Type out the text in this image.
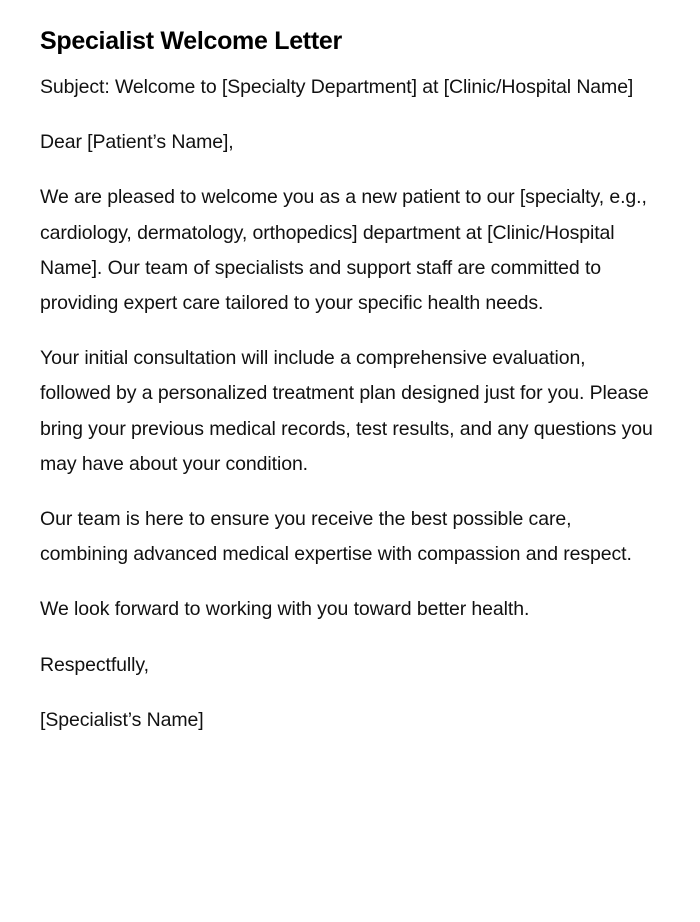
Specialist Welcome Letter

Subject: Welcome to [Specialty Department] at [Clinic/Hospital Name]

Dear [Patient’s Name],

We are pleased to welcome you as a new patient to our [specialty, e.g., cardiology, dermatology, orthopedics] department at [Clinic/Hospital Name]. Our team of specialists and support staff are committed to providing expert care tailored to your specific health needs.

Your initial consultation will include a comprehensive evaluation, followed by a personalized treatment plan designed just for you. Please bring your previous medical records, test results, and any questions you may have about your condition.

Our team is here to ensure you receive the best possible care, combining advanced medical expertise with compassion and respect.

We look forward to working with you toward better health.

Respectfully,

[Specialist’s Name]
